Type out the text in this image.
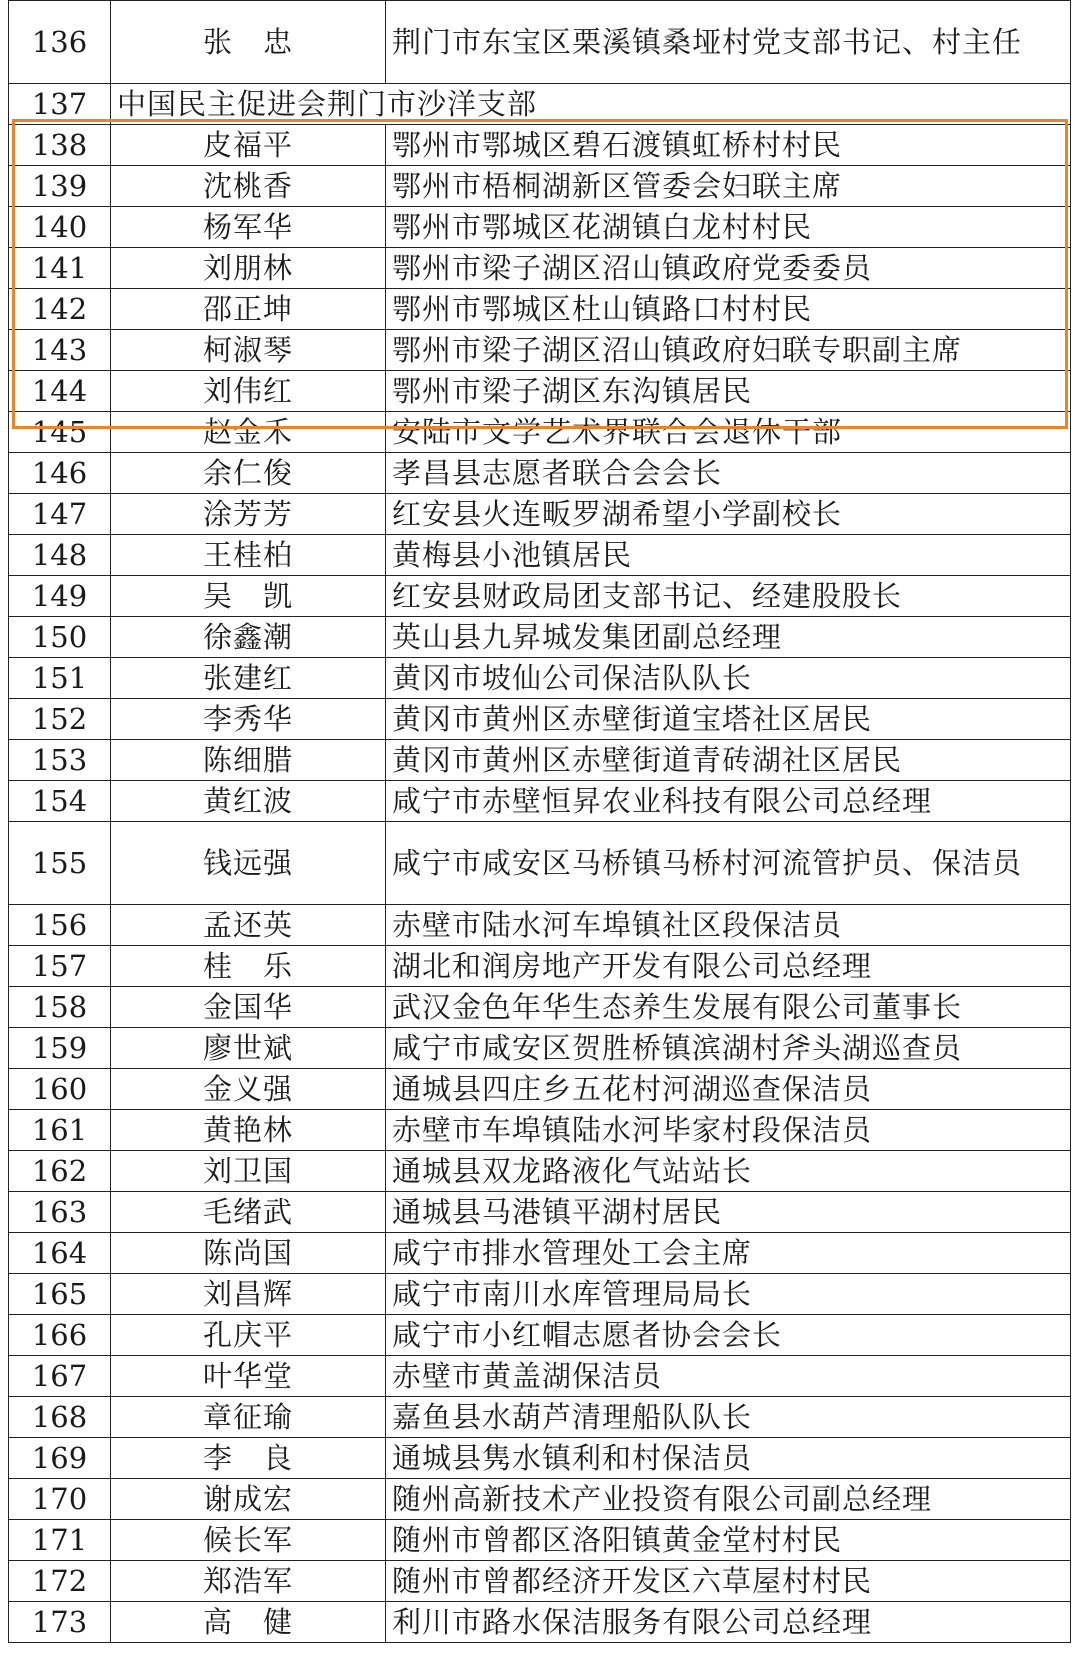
136	张　忠	荆门市东宝区栗溪镇桑垭村党支部书记、村主任
137	中国民主促进会荆门市沙洋支部	
138	皮福平	鄂州市鄂城区碧石渡镇虹桥村村民
139	沈桃香	鄂州市梧桐湖新区管委会妇联主席
140	杨军华	鄂州市鄂城区花湖镇白龙村村民
141	刘朋林	鄂州市梁子湖区沼山镇政府党委委员
142	邵正坤	鄂州市鄂城区杜山镇路口村村民
143	柯淑琴	鄂州市梁子湖区沼山镇政府妇联专职副主席
144	刘伟红	鄂州市梁子湖区东沟镇居民
145	赵金禾	安陆市文学艺术界联合会退休干部
146	余仁俊	孝昌县志愿者联合会会长
147	涂芳芳	红安县火连畈罗湖希望小学副校长
148	王桂柏	黄梅县小池镇居民
149	吴　凯	红安县财政局团支部书记、经建股股长
150	徐鑫潮	英山县九昇城发集团副总经理
151	张建红	黄冈市坡仙公司保洁队队长
152	李秀华	黄冈市黄州区赤壁街道宝塔社区居民
153	陈细腊	黄冈市黄州区赤壁街道青砖湖社区居民
154	黄红波	咸宁市赤壁恒昇农业科技有限公司总经理
155	钱远强	咸宁市咸安区马桥镇马桥村河流管护员、保洁员
156	孟还英	赤壁市陆水河车埠镇社区段保洁员
157	桂　乐	湖北和润房地产开发有限公司总经理
158	金国华	武汉金色年华生态养生发展有限公司董事长
159	廖世斌	咸宁市咸安区贺胜桥镇滨湖村斧头湖巡查员
160	金义强	通城县四庄乡五花村河湖巡查保洁员
161	黄艳林	赤壁市车埠镇陆水河毕家村段保洁员
162	刘卫国	通城县双龙路液化气站站长
163	毛绪武	通城县马港镇平湖村居民
164	陈尚国	咸宁市排水管理处工会主席
165	刘昌辉	咸宁市南川水库管理局局长
166	孔庆平	咸宁市小红帽志愿者协会会长
167	叶华堂	赤壁市黄盖湖保洁员
168	章征瑜	嘉鱼县水葫芦清理船队队长
169	李　良	通城县隽水镇利和村保洁员
170	谢成宏	随州高新技术产业投资有限公司副总经理
171	候长军	随州市曾都区洛阳镇黄金堂村村民
172	郑浩军	随州市曾都经济开发区六草屋村村民
173	高　健	利川市路水保洁服务有限公司总经理
